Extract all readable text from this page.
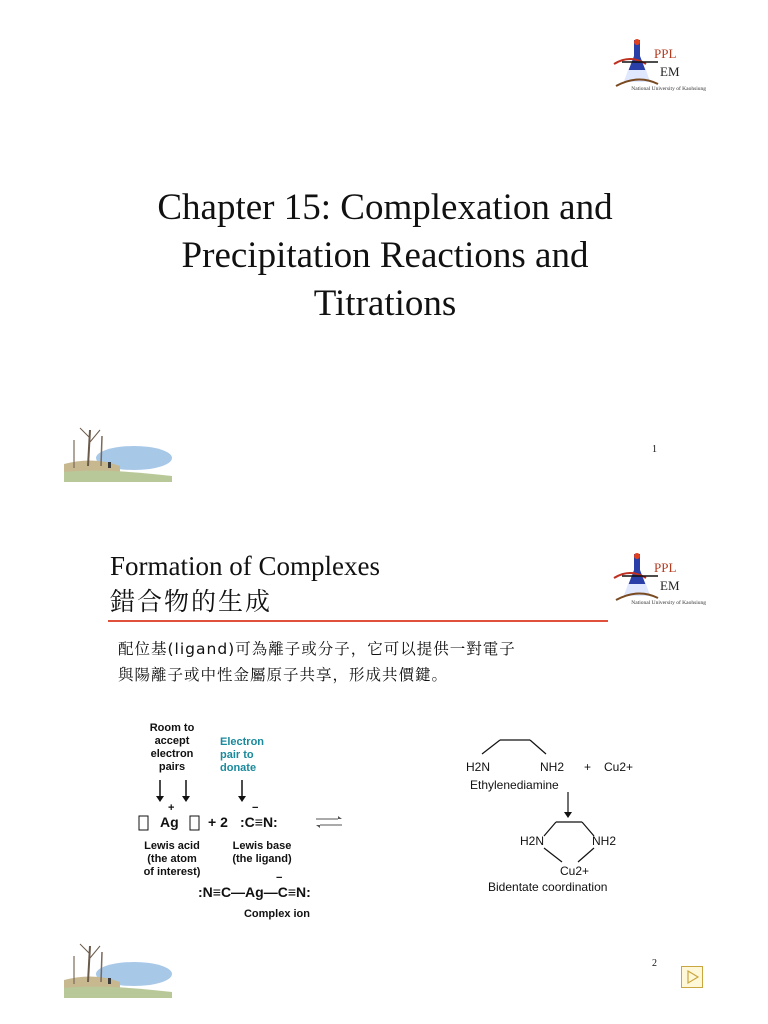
PPL
EM
National University of Kaohsiung
Chapter 15: Complexation and
Precipitation Reactions and
Titrations
1
Formation of Complexes
錯合物的生成
PPL
EM
National University of Kaohsiung
配位基(ligand)可為離子或分子，它可以提供一對電子
與陽離子或中性金屬原子共享，形成共價鍵。
Room to
accept
electron
pairs
Electron
pair to
donate
+
Ag + 2
−
:C≡N:
Lewis acid
(the atom
of interest)
Lewis base
(the ligand)
−
:N≡C—Ag—C≡N:
Complex ion
H2N	NH2 + Cu2+
Ethylenediamine
H2N	NH2
Cu2+
Bidentate coordination
2
